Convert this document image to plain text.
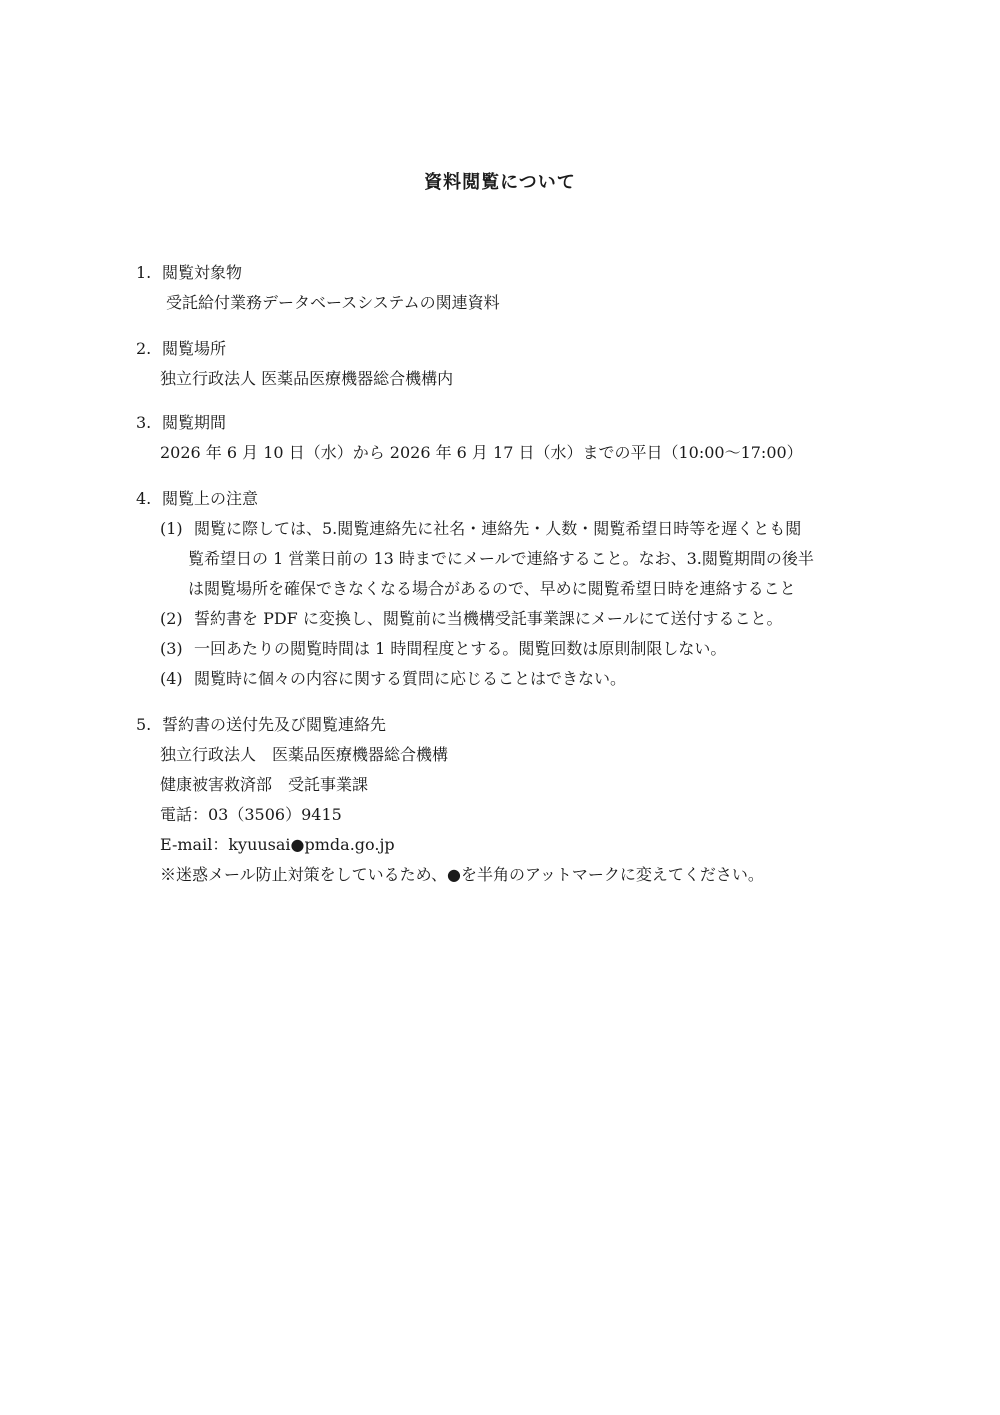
資料閲覧について
1. 閲覧対象物
受託給付業務データベースシステムの関連資料
2. 閲覧場所
独立行政法人 医薬品医療機器総合機構内
3. 閲覧期間
2026 年 6 月 10 日（水）から 2026 年 6 月 17 日（水）までの平日（10:00～17:00）
4. 閲覧上の注意
(1) 閲覧に際しては、5.閲覧連絡先に社名・連絡先・人数・閲覧希望日時等を遅くとも閲
覧希望日の 1 営業日前の 13 時までにメールで連絡すること。なお、3.閲覧期間の後半
は閲覧場所を確保できなくなる場合があるので、早めに閲覧希望日時を連絡すること
(2) 誓約書を PDF に変換し、閲覧前に当機構受託事業課にメールにて送付すること。
(3) 一回あたりの閲覧時間は 1 時間程度とする。閲覧回数は原則制限しない。
(4) 閲覧時に個々の内容に関する質問に応じることはできない。
5. 誓約書の送付先及び閲覧連絡先
独立行政法人　医薬品医療機器総合機構
健康被害救済部　受託事業課
電話：03（3506）9415
E-mail：kyuusai●pmda.go.jp
※迷惑メール防止対策をしているため、●を半角のアットマークに変えてください。
